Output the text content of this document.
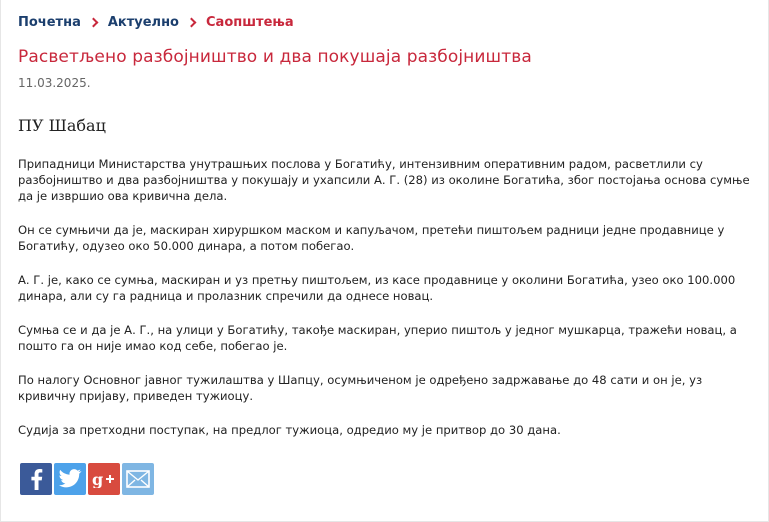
Почетна Актуелно Саопштења
Расветљено разбојништво и два покушаја разбојништва
11.03.2025.
ПУ Шабац

Припадници Министарства унутрашњих послова у Богатићу, интензивним оперативним радом, расветлили су разбојништво и два разбојништва у покушају и ухапсили А. Г. (28) из околине Богатића, због постојања основа сумње да је извршио ова кривична дела.

Он се сумњичи да је, маскиран хируршком маском и капуљачом, претећи пиштољем радници једне продавнице у Богатићу, одузео око 50.000 динара, а потом побегао.

А. Г. је, како се сумња, маскиран и уз претњу пиштољем, из касе продавнице у околини Богатића, узео око 100.000 динара, али су га радница и пролазник спречили да однесе новац.

Сумња се и да је А. Г., на улици у Богатићу, такође маскиран, уперио пиштољ у једног мушкарца, тражећи новац, а пошто га он није имао код себе, побегао је.

По налогу Основног јавног тужилаштва у Шапцу, осумњиченом је одређено задржавање до 48 сати и он је, уз кривичну пријаву, приведен тужиоцу.

Судија за претходни поступак, на предлог тужиоца, одредио му је притвор до 30 дана.

g
